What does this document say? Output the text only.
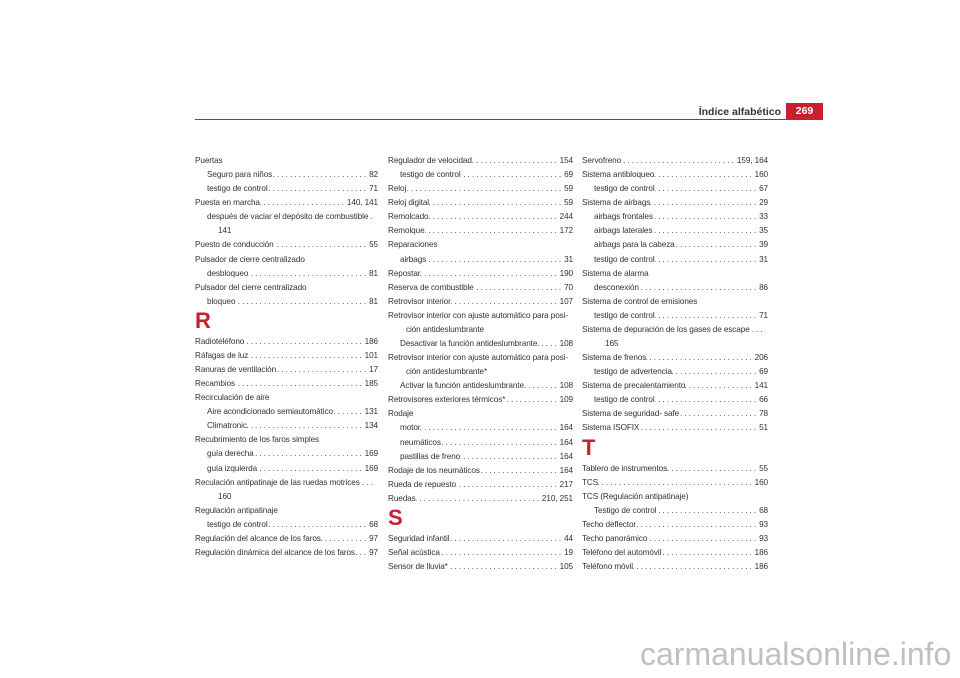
Índice alfabético	269
Puertas
Seguro para niños . . .	82
testigo de control . . .	71
Puesta en marcha . . .	140, 141
después de vaciar el depósito de combustible .
141
Puesto de conducción . . .	55
Pulsador de cierre centralizado
desbloqueo . . .	81
Pulsador del cierre centralizado
bloqueo . . .	81
R
Radioteléfono . . .	186
Ráfagas de luz . . .	101
Ranuras de ventilación . . .	17
Recambios . . .	185
Recirculación de aire
Aire acondicionado semiautomático . . .	131
Climatronic . . .	134
Recubrimiento de los faros simples
guía derecha . . .	169
guía izquierda . . .	169
Reculación antipatinaje de las ruedas motrices . . .
160
Regulación antipatinaje
testigo de control . . .	68
Regulación del alcance de los faros . . .	97
Regulación dinámica del alcance de los faros . . . 97
Regulador de velocidad . . .	154
testigo de control . . .	69
Reloj . . .	59
Reloj digital . . .	59
Remolcado . . .	244
Remolque . . .	172
Reparaciones
airbags . . .	31
Repostar . . .	190
Reserva de combustible . . .	70
Retrovisor interior . . .	107
Retrovisor interior con ajuste automático para posi-
ción antideslumbrante
Desactivar la función antideslumbrante . . .	108
Retrovisor interior con ajuste automático para posi-
ción antideslumbrante*
Activar la función antideslumbrante . . .	108
Retrovisores exteriores térmicos* . . .	109
Rodaje
motor . . .	164
neumáticos . . .	164
pastillas de freno . . .	164
Rodaje de los neumáticos . . .	164
Rueda de repuesto . . .	217
Ruedas . . .	210, 251
S
Seguridad infantil . . .	44
Señal acústica . . .	19
Sensor de lluvia* . . .	105
Servofreno . . .	159, 164
Sistema antibloqueo . . .	160
testigo de control . . .	67
Sistema de airbags . . .	29
airbags frontales . . .	33
airbags laterales . . .	35
airbags para la cabeza . . .	39
testigo de control . . .	31
Sistema de alarma
desconexión . . .	86
Sistema de control de emisiones
testigo de control . . .	71
Sistema de depuración de los gases de escape . . .
165
Sistema de frenos . . .	206
testigo de advertencia . . .	69
Sistema de precalentamiento . . .	141
testigo de control . . .	66
Sistema de seguridad- safe . . .	78
Sistema ISOFIX . . .	51
T
Tablero de instrumentos . . .	55
TCS . . .	160
TCS (Regulación antipatinaje)
Testigo de control . . .	68
Techo deflector . . .	93
Techo panorámico . . .	93
Teléfono del automóvil . . .	186
Teléfono móvil . . .	186
carmanualsonline.info
